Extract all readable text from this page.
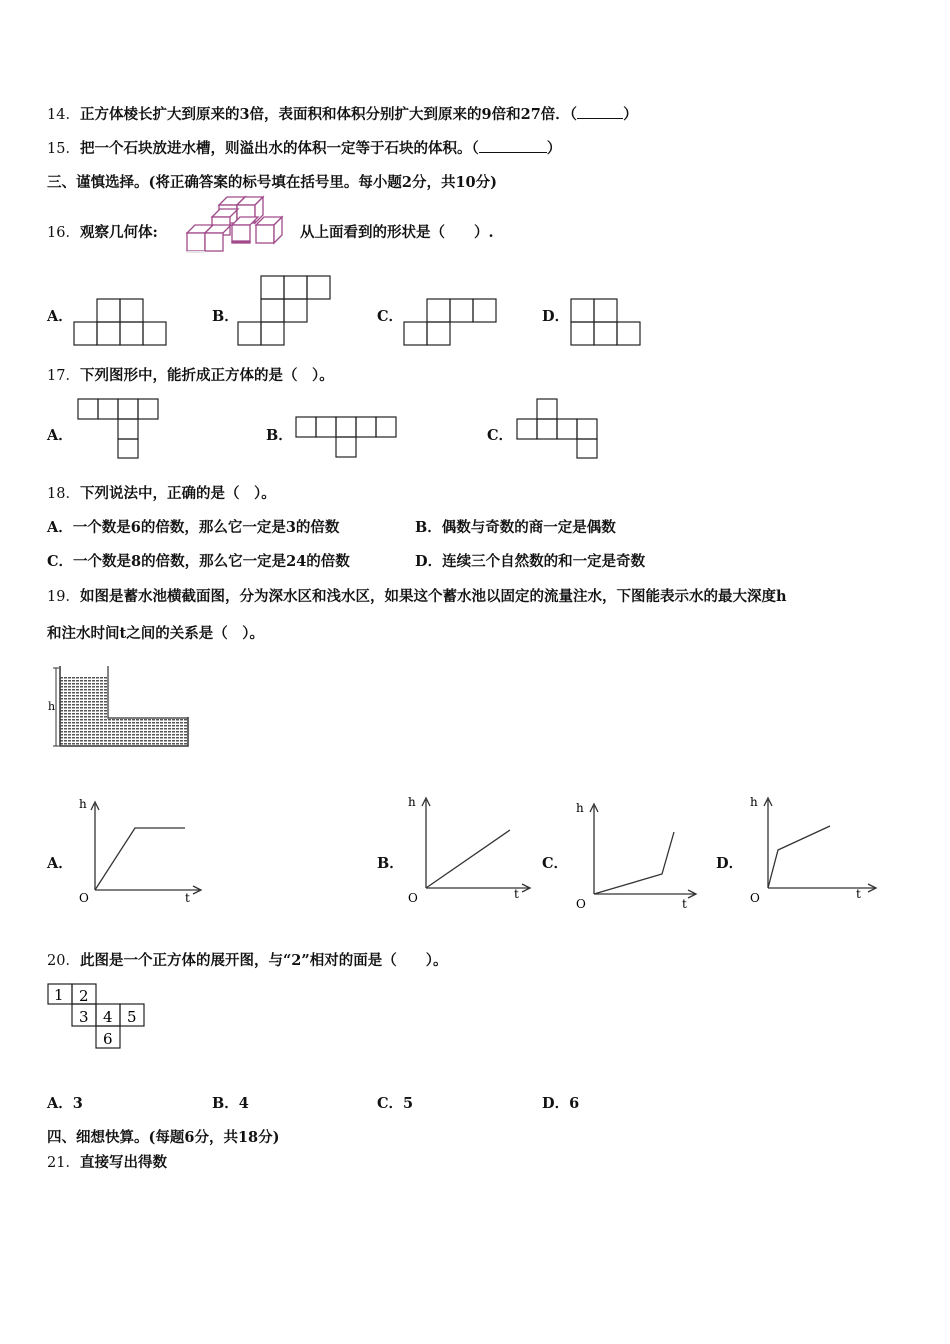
14．正方体棱长扩大到原来的3倍，表面积和体积分别扩大到原来的9倍和27倍．（	）
15．把一个石块放进水槽，则溢出水的体积一定等于石块的体积。（	）
三、谨慎选择。(将正确答案的标号填在括号里。每小题2分，共10分)
16．观察几何体:	从上面看到的形状是（　　）.
A．	B．	C．	D．
17．下列图形中，能折成正方体的是（　）。
A．	B．	C．
18．下列说法中，正确的是（　）。
A．一个数是6的倍数，那么它一定是3的倍数	B．偶数与奇数的商一定是偶数
C．一个数是8的倍数，那么它一定是24的倍数	D．连续三个自然数的和一定是奇数
19．如图是蓄水池横截面图，分为深水区和浅水区，如果这个蓄水池以固定的流量注水，下图能表示水的最大深度h
和注水时间t之间的关系是（　）。
h
A．
h
O	t
B．
h
O	t
C．
h
O	t
D．
h
O	t
20．此图是一个正方体的展开图，与“2”相对的面是（　　）。
1 2
3 4 5
6
A．3	B．4	C．5	D．6
四、细想快算。(每题6分，共18分)
21．直接写出得数
